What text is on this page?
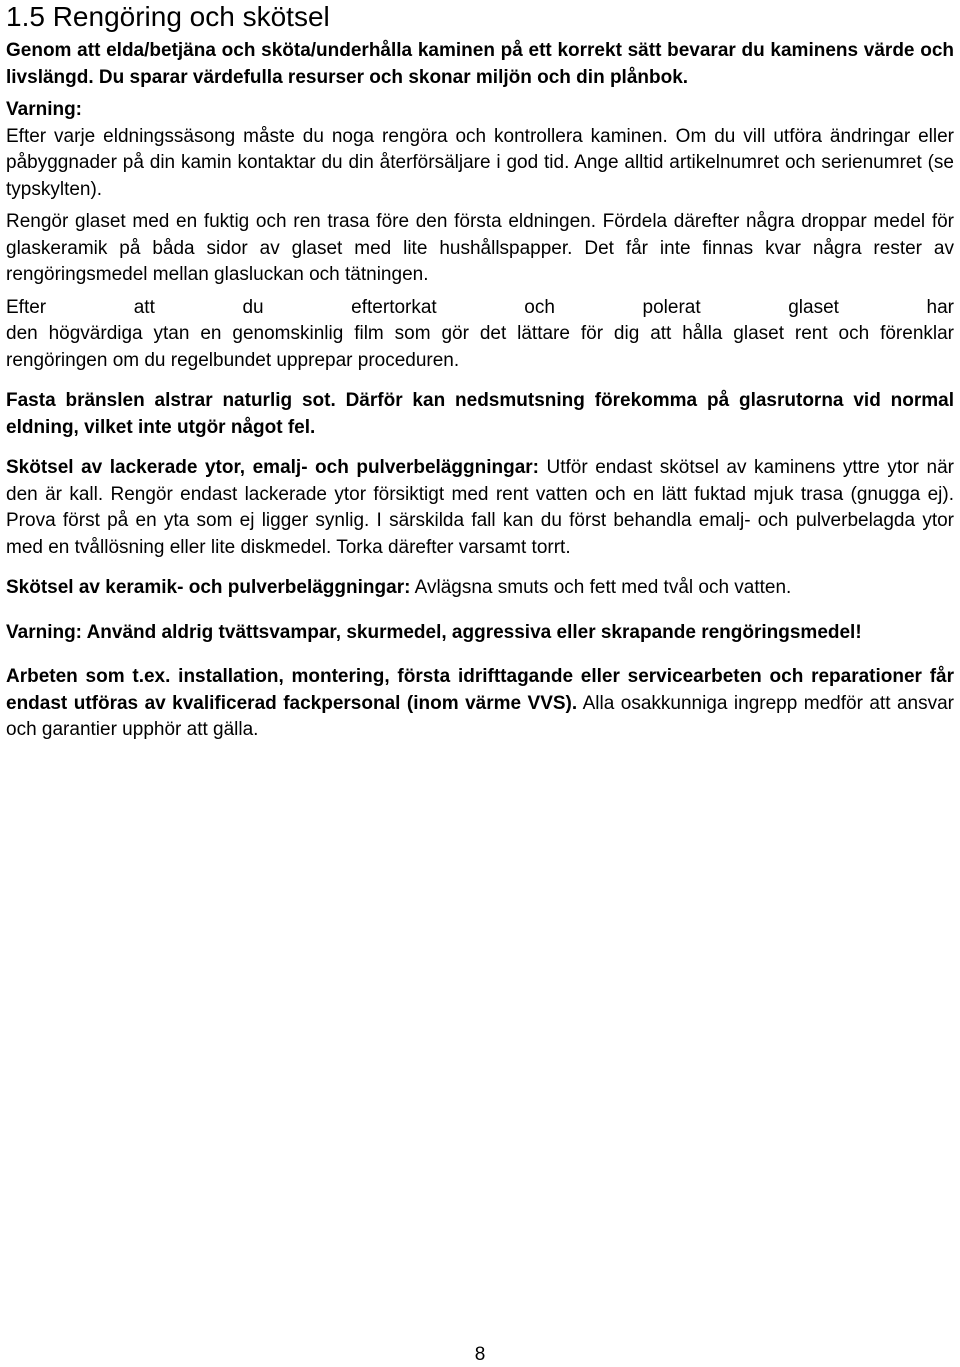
1.5 Rengöring och skötsel

Genom att elda/betjäna och sköta/underhålla kaminen på ett korrekt sätt bevarar du kaminens värde och livslängd. Du sparar värdefulla resurser och skonar miljön och din plånbok.

Varning:
Efter varje eldningssäsong måste du noga rengöra och kontrollera kaminen. Om du vill utföra ändringar eller påbyggnader på din kamin kontaktar du din återförsäljare i god tid. Ange alltid artikelnumret och serienumret (se typskylten).

Rengör glaset med en fuktig och ren trasa före den första eldningen. Fördela därefter några droppar medel för glaskeramik på båda sidor av glaset med lite hushållspapper. Det får inte finnas kvar några rester av rengöringsmedel mellan glasluckan och tätningen.

Efter att du eftertorkat och polerat glaset har
den högvärdiga ytan en genomskinlig film som gör det lättare för dig att hålla glaset rent och förenklar rengöringen om du regelbundet upprepar proceduren.

Fasta bränslen alstrar naturlig sot. Därför kan nedsmutsning förekomma på glasrutorna vid normal eldning, vilket inte utgör något fel.

Skötsel av lackerade ytor, emalj- och pulverbeläggningar: Utför endast skötsel av kaminens yttre ytor när den är kall. Rengör endast lackerade ytor försiktigt med rent vatten och en lätt fuktad mjuk trasa (gnugga ej). Prova först på en yta som ej ligger synlig. I särskilda fall kan du först behandla emalj- och pulverbelagda ytor med en tvållösning eller lite diskmedel. Torka därefter varsamt torrt.

Skötsel av keramik- och pulverbeläggningar: Avlägsna smuts och fett med tvål och vatten.

Varning: Använd aldrig tvättsvampar, skurmedel, aggressiva eller skrapande rengöringsmedel!

Arbeten som t.ex. installation, montering, första idrifttagande eller servicearbeten och reparationer får endast utföras av kvalificerad fackpersonal (inom värme VVS). Alla osakkunniga ingrepp medför att ansvar och garantier upphör att gälla.

8
